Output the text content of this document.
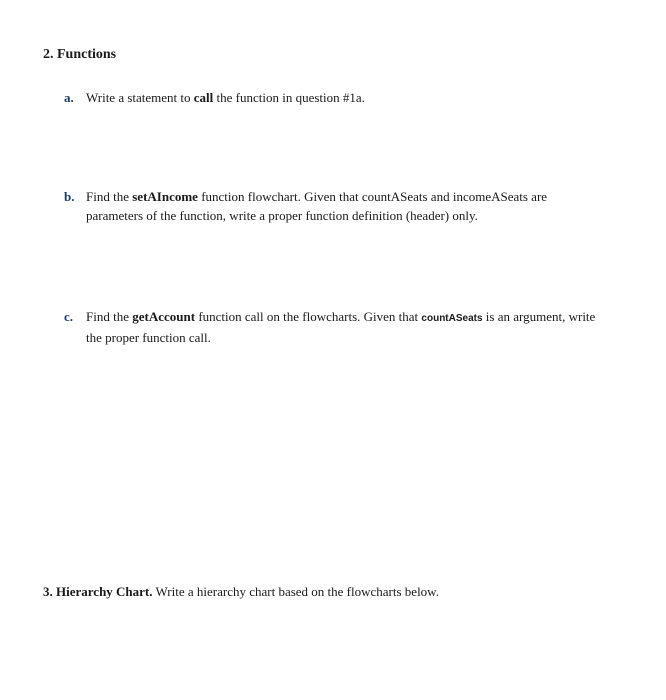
2. Functions
a. Write a statement to call the function in question #1a.
b. Find the setAIncome function flowchart. Given that countASeats and incomeASeats are parameters of the function, write a proper function definition (header) only.
c. Find the getAccount function call on the flowcharts. Given that countASeats is an argument, write the proper function call.
3. Hierarchy Chart. Write a hierarchy chart based on the flowcharts below.
